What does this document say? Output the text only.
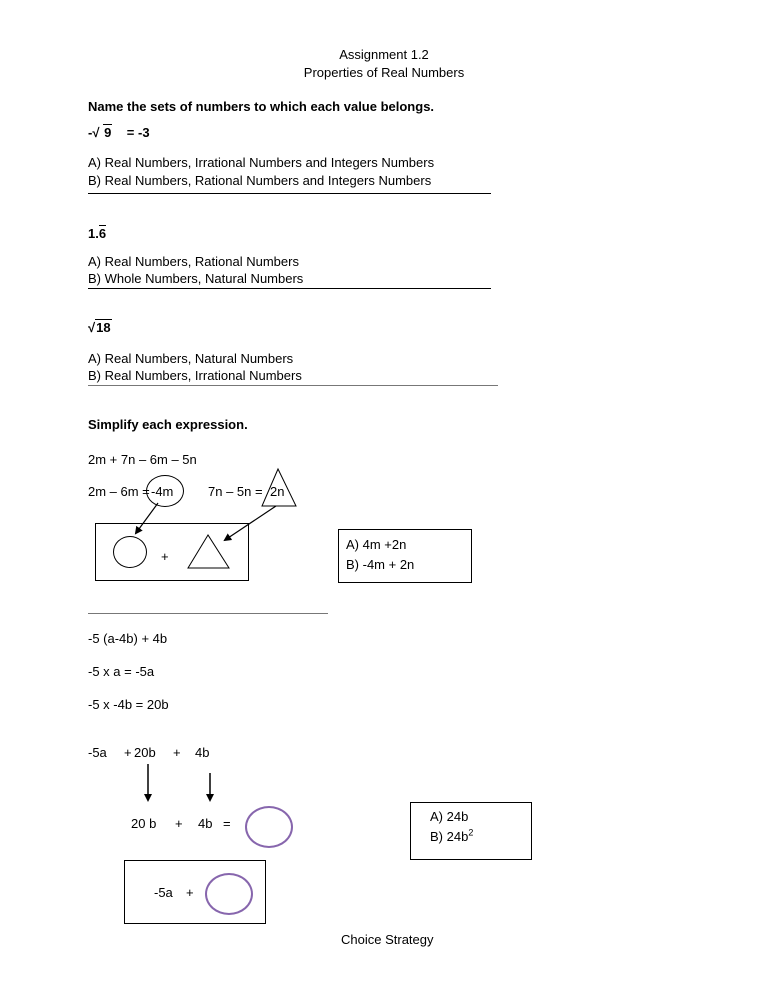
Assignment 1.2
Properties of Real Numbers
Name the sets of numbers to which each value belongs.
-√ 9 = -3
A) Real Numbers, Irrational Numbers and Integers Numbers
B) Real Numbers, Rational Numbers and Integers Numbers
1.6
A) Real Numbers, Rational Numbers
B) Whole Numbers, Natural Numbers
√18
A) Real Numbers, Natural Numbers
B) Real Numbers, Irrational Numbers
Simplify each expression.
2m + 7n – 6m – 5n
2m – 6m = -4m	7n – 5n = 2n
+
A) 4m +2n
B) -4m + 2n
-5 (a-4b) + 4b
-5 x a = -5a
-5 x -4b = 20b
-5a + 20b + 4b
20 b + 4b =	A) 24b
B) $24b^2$
-5a +
Choice Strategy
